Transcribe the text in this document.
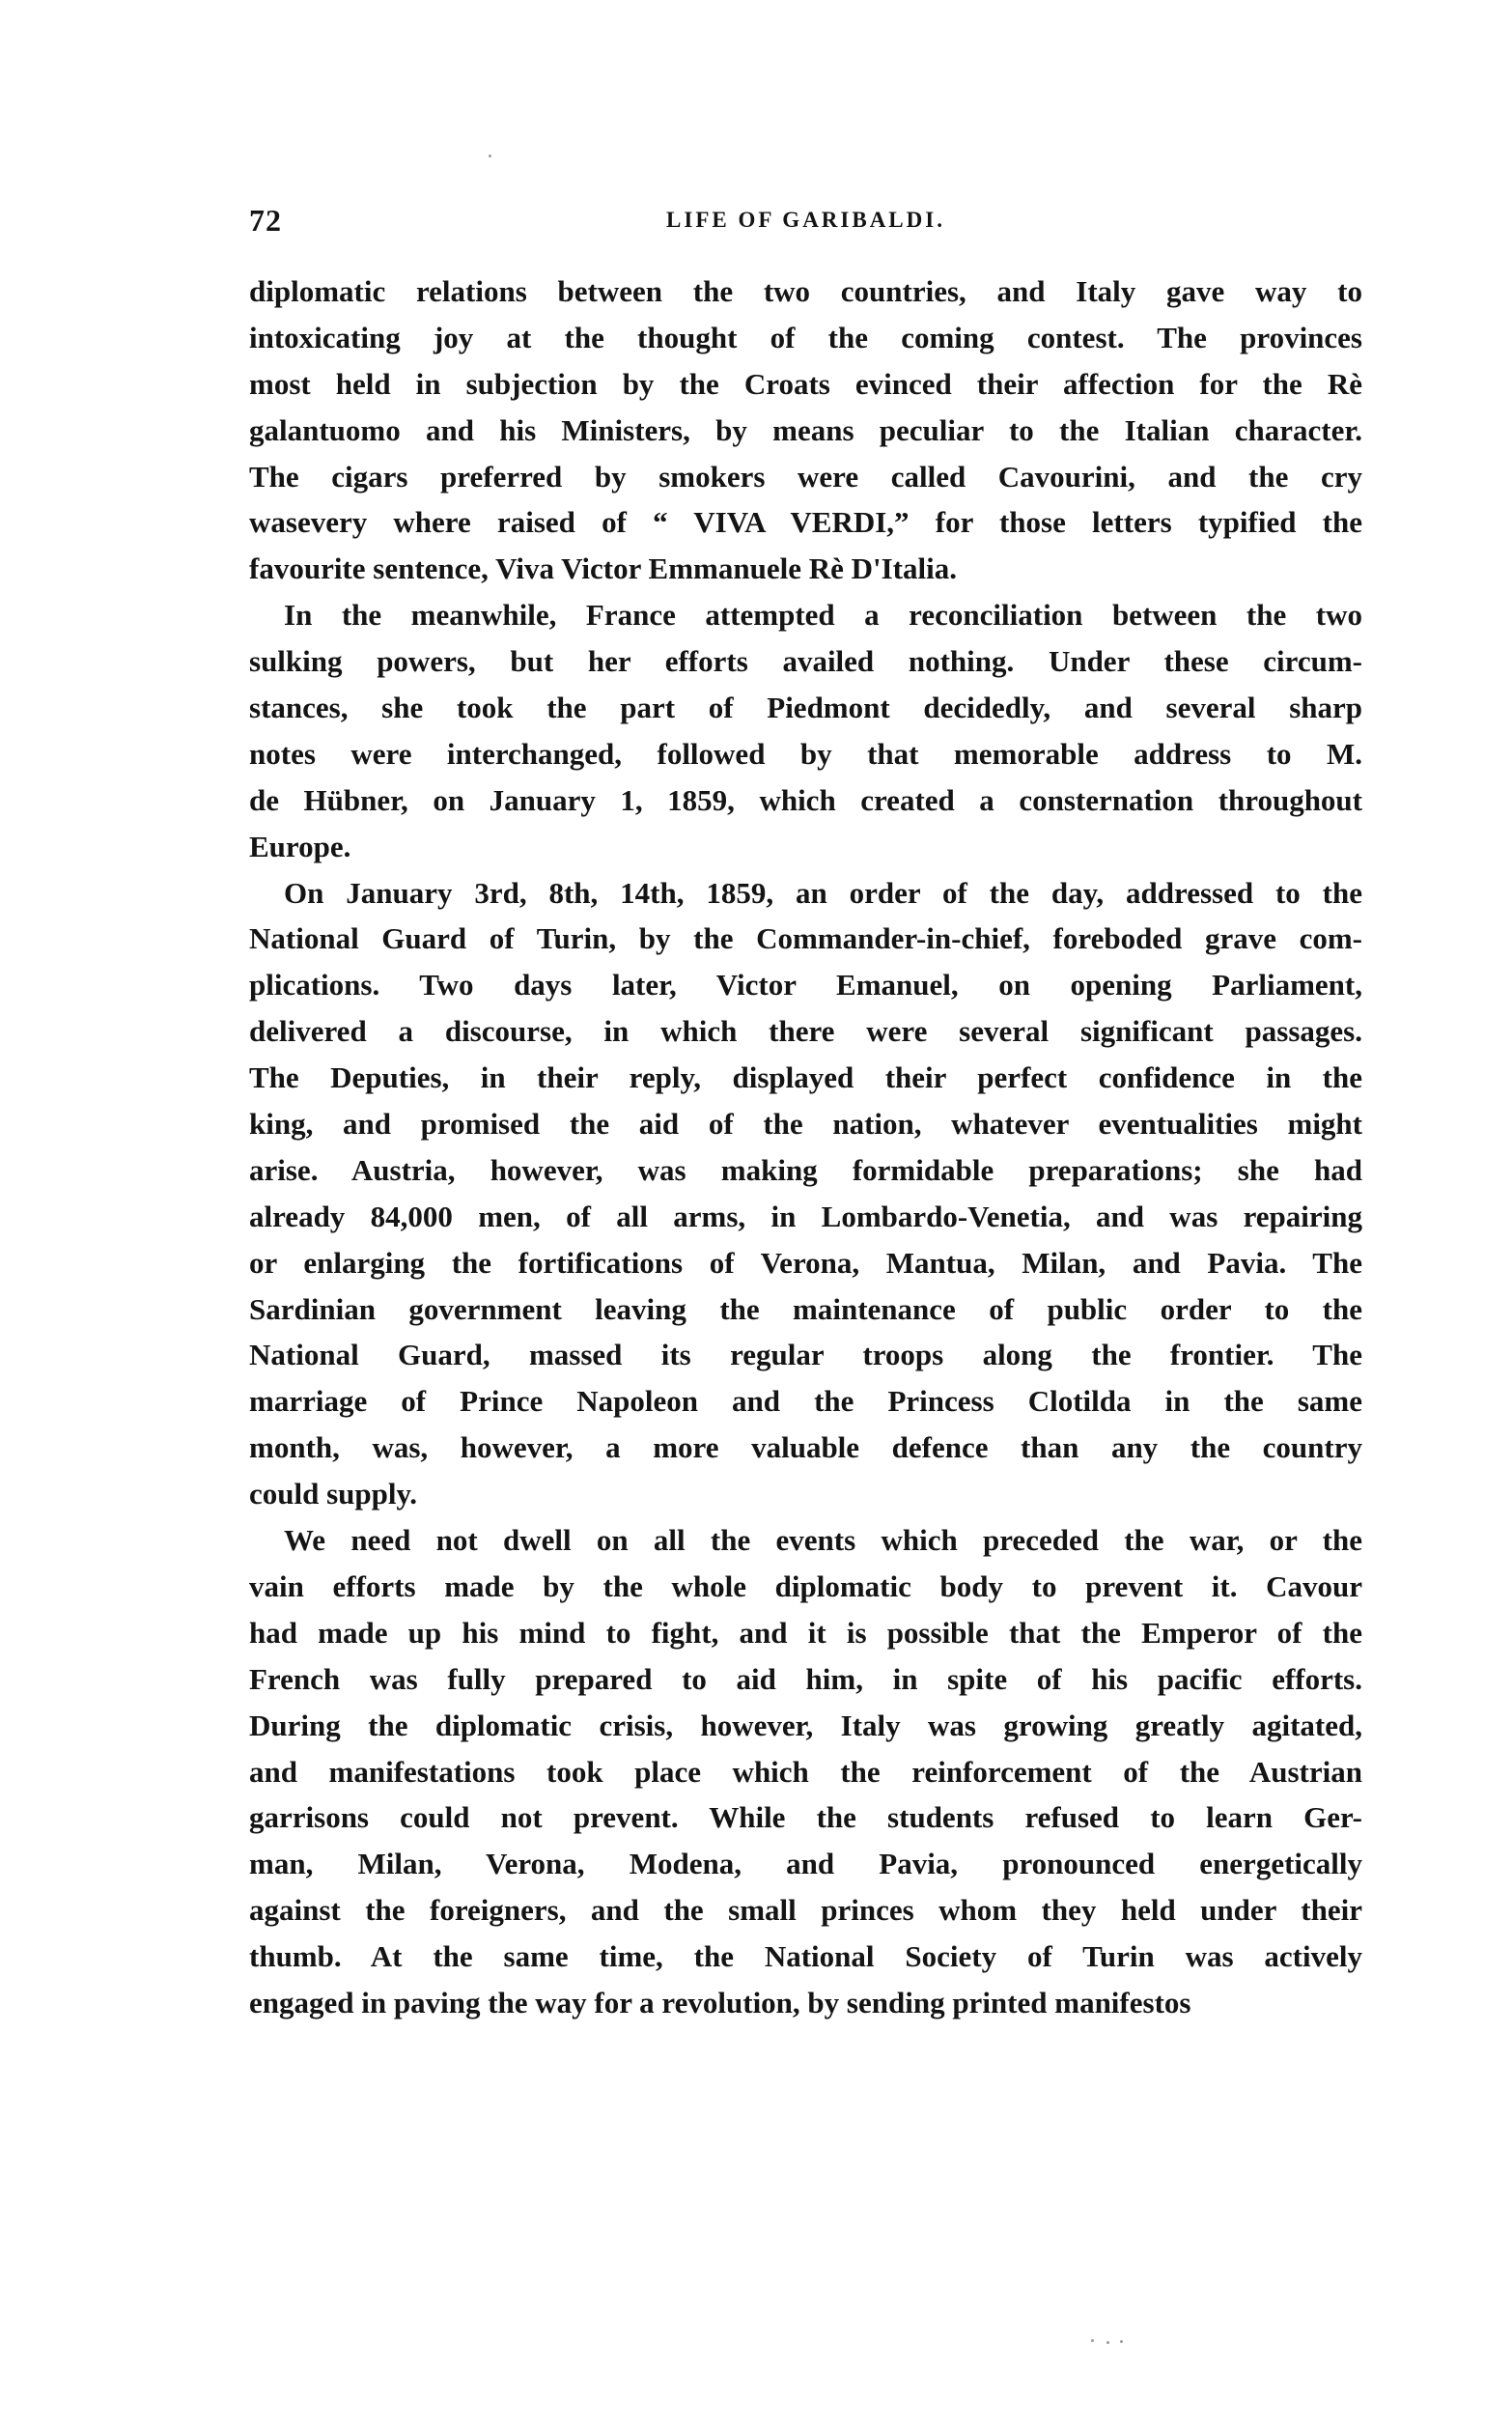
72	LIFE OF GARIBALDI.
diplomatic relations between the two countries, and Italy gave way to
intoxicating joy at the thought of the coming contest. The provinces
most held in subjection by the Croats evinced their affection for the Rè
galantuomo and his Ministers, by means peculiar to the Italian character.
The cigars preferred by smokers were called Cavourini, and the cry
wasevery where raised of “ VIVA VERDI,” for those letters typified the
favourite sentence, Viva Victor Emmanuele Rè D'Italia.
In the meanwhile, France attempted a reconciliation between the two
sulking powers, but her efforts availed nothing. Under these circum-
stances, she took the part of Piedmont decidedly, and several sharp
notes were interchanged, followed by that memorable address to M.
de Hübner, on January 1, 1859, which created a consternation throughout
Europe.
On January 3rd, 8th, 14th, 1859, an order of the day, addressed to the
National Guard of Turin, by the Commander-in-chief, foreboded grave com-
plications. Two days later, Victor Emanuel, on opening Parliament,
delivered a discourse, in which there were several significant passages.
The Deputies, in their reply, displayed their perfect confidence in the
king, and promised the aid of the nation, whatever eventualities might
arise. Austria, however, was making formidable preparations; she had
already 84,000 men, of all arms, in Lombardo-Venetia, and was repairing
or enlarging the fortifications of Verona, Mantua, Milan, and Pavia. The
Sardinian government leaving the maintenance of public order to the
National Guard, massed its regular troops along the frontier. The
marriage of Prince Napoleon and the Princess Clotilda in the same
month, was, however, a more valuable defence than any the country
could supply.
We need not dwell on all the events which preceded the war, or the
vain efforts made by the whole diplomatic body to prevent it. Cavour
had made up his mind to fight, and it is possible that the Emperor of the
French was fully prepared to aid him, in spite of his pacific efforts.
During the diplomatic crisis, however, Italy was growing greatly agitated,
and manifestations took place which the reinforcement of the Austrian
garrisons could not prevent. While the students refused to learn Ger-
man, Milan, Verona, Modena, and Pavia, pronounced energetically
against the foreigners, and the small princes whom they held under their
thumb. At the same time, the National Society of Turin was actively
engaged in paving the way for a revolution, by sending printed manifestos
